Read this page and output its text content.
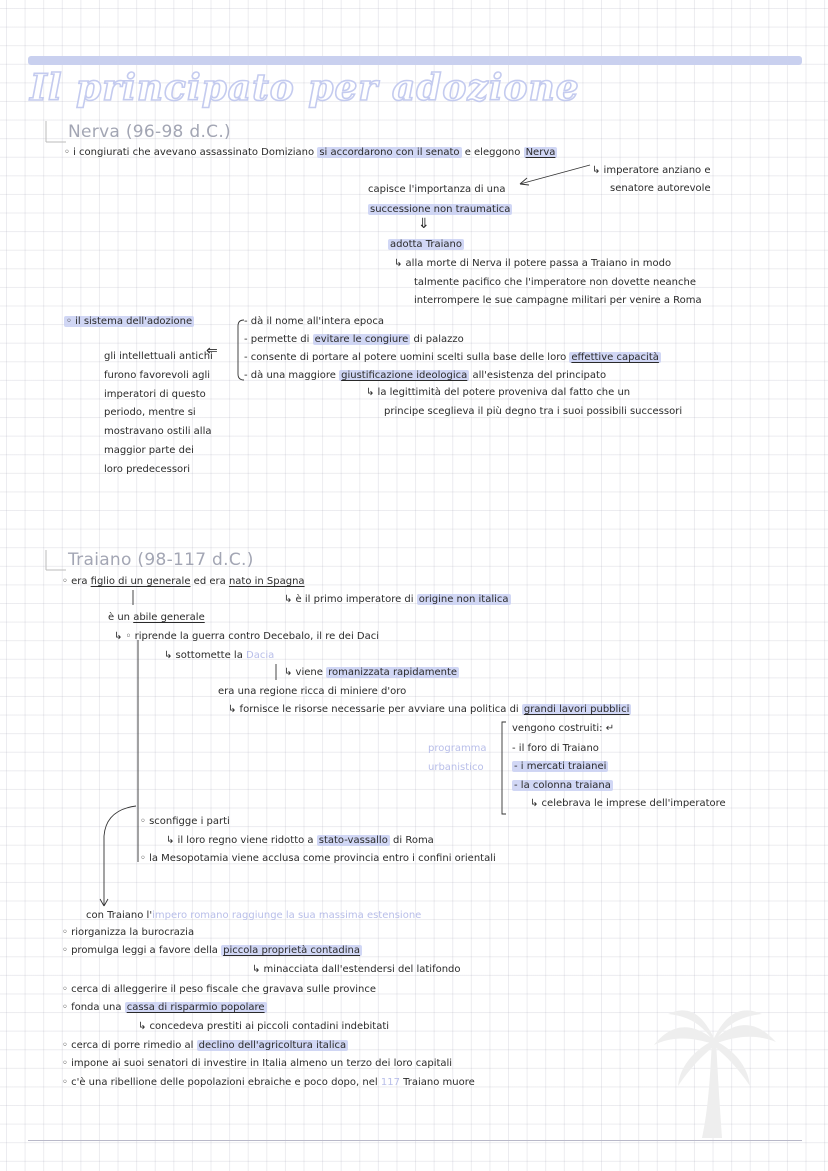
Il principato per adozione
Nerva (96-98 d.C.)
◦ i congiurati che avevano assassinato Domiziano si accordarono con il senato e eleggono Nerva
↳ imperatore anziano e
senatore autorevole
capisce l'importanza di una
successione non traumatica
⇓
adotta Traiano
↳ alla morte di Nerva il potere passa a Traiano in modo
talmente pacifico che l'imperatore non dovette neanche
interrompere le sue campagne militari per venire a Roma
◦ il sistema dell'adozione	- dà il nome all'intera epoca
- permette di evitare le congiure di palazzo
- consente di portare al potere uomini scelti sulla base delle loro effettive capacità
- dà una maggiore giustificazione ideologica all'esistenza del principato
↳ la legittimità del potere proveniva dal fatto che un
principe sceglieva il più degno tra i suoi possibili successori
⇐
gli intellettuali antichi furono favorevoli agli imperatori di questo periodo, mentre si mostravano ostili alla maggior parte dei loro predecessori
Traiano (98-117 d.C.)
◦ era figlio di un generale ed era nato in Spagna
↳ è il primo imperatore di origine non italica
è un abile generale
↳ ◦ riprende la guerra contro Decebalo, il re dei Daci
↳ sottomette la Dacia
↳ viene romanizzata rapidamente
era una regione ricca di miniere d'oro
↳ fornisce le risorse necessarie per avviare una politica di grandi lavori pubblici
programma
urbanistico
vengono costruiti: ↵
- il foro di Traiano
- i mercati traianei
- la colonna traiana
↳ celebrava le imprese dell'imperatore
◦ sconfigge i parti
↳ il loro regno viene ridotto a stato-vassallo di Roma
◦ la Mesopotamia viene acclusa come provincia entro i confini orientali
con Traiano l'impero romano raggiunge la sua massima estensione
◦ riorganizza la burocrazia
◦ promulga leggi a favore della piccola proprietà contadina
↳ minacciata dall'estendersi del latifondo
◦ cerca di alleggerire il peso fiscale che gravava sulle province
◦ fonda una cassa di risparmio popolare
↳ concedeva prestiti ai piccoli contadini indebitati
◦ cerca di porre rimedio al declino dell'agricoltura italica
◦ impone ai suoi senatori di investire in Italia almeno un terzo dei loro capitali
◦ c'è una ribellione delle popolazioni ebraiche e poco dopo, nel 117 Traiano muore
